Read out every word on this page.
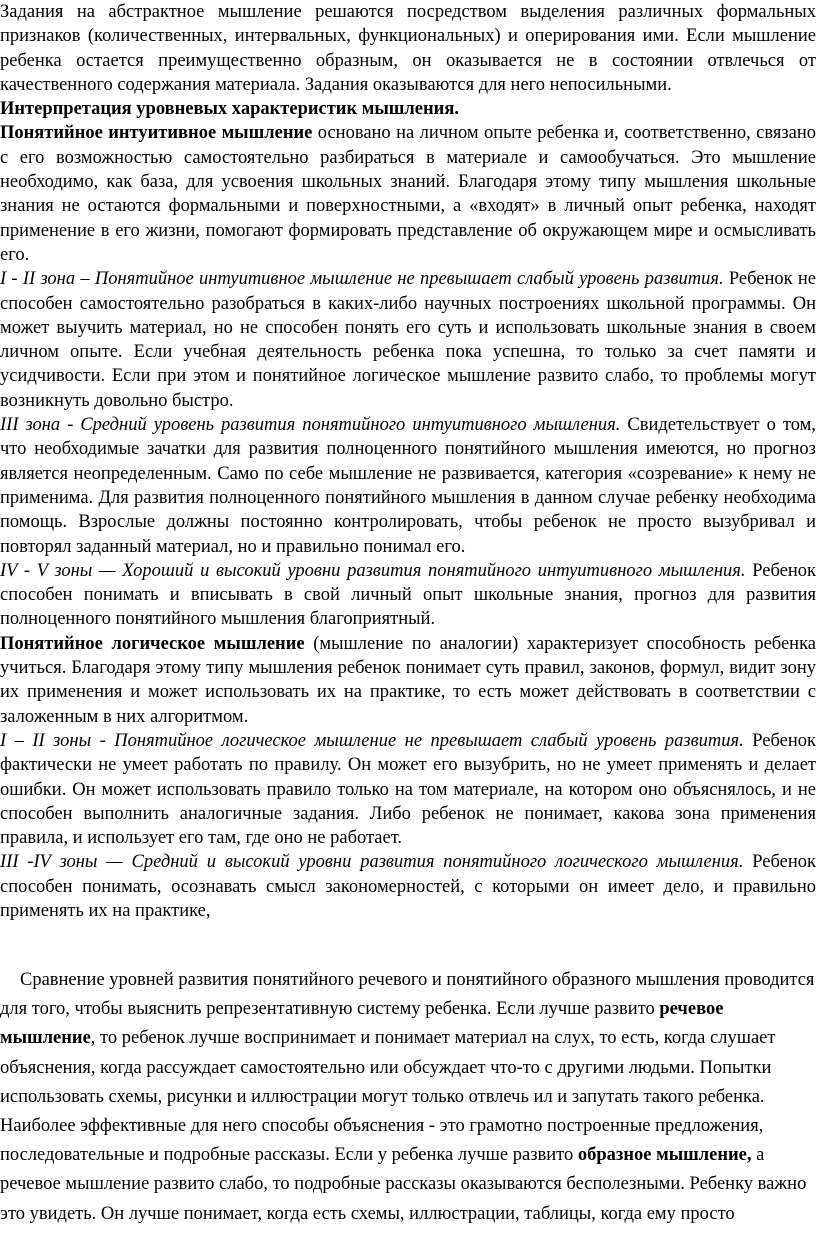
Задания на абстрактное мышление решаются посредством выделения различных формальных признаков (количественных, интервальных, функциональных) и оперирования ими. Если мышление ребенка остается преимущественно образным, он оказывается не в состоянии отвлечься от качественного содержания материала. Задания оказываются для него непосильными.

Интерпретация уровневых характеристик мышления.

Понятийное интуитивное мышление основано на личном опыте ребенка и, соответственно, связано с его возможностью самостоятельно разбираться в материале и самообучаться. Это мышление необходимо, как база, для усвоения школьных знаний. Благодаря этому типу мышления школьные знания не остаются формальными и поверхностными, а «входят» в личный опыт ребенка, находят применение в его жизни, помогают формировать представление об окружающем мире и осмысливать его.

I - II зона – Понятийное интуитивное мышление не превышает слабый уровень развития. Ребенок не способен самостоятельно разобраться в каких-либо научных построениях школьной программы. Он может выучить материал, но не способен понять его суть и использовать школьные знания в своем личном опыте. Если учебная деятельность ребенка пока успешна, то только за счет памяти и усидчивости. Если при этом и понятийное логическое мышление развито слабо, то проблемы могут возникнуть довольно быстро.

III зона - Средний уровень развития понятийного интуитивного мышления. Свидетельствует о том, что необходимые зачатки для развития полноценного понятийного мышления имеются, но прогноз является неопределенным. Само по себе мышление не развивается, категория «созревание» к нему не применима. Для развития полноценного понятийного мышления в данном случае ребенку необходима помощь. Взрослые должны постоянно контролировать, чтобы ребенок не просто вызубривал и повторял заданный материал, но и правильно понимал его.

IV - V зоны — Хороший и высокий уровни развития понятийного интуитивного мышления. Ребенок способен понимать и вписывать в свой личный опыт школьные знания, прогноз для развития полноценного понятийного мышления благоприятный.

Понятийное логическое мышление (мышление по аналогии) характеризует способность ребенка учиться. Благодаря этому типу мышления ребенок понимает суть правил, законов, формул, видит зону их применения и может использовать их на практике, то есть может действовать в соответствии с заложенным в них алгоритмом.

I – II зоны - Понятийное логическое мышление не превышает слабый уровень развития. Ребенок фактически не умеет работать по правилу. Он может его вызубрить, но не умеет применять и делает ошибки. Он может использовать правило только на том материале, на котором оно объяснялось, и не способен выполнить аналогичные задания. Либо ребенок не понимает, какова зона применения правила, и использует его там, где оно не работает.

III -IV зоны — Средний и высокий уровни развития понятийного логического мышления. Ребенок способен понимать, осознавать смысл закономерностей, с которыми он имеет дело, и правильно применять их на практике,

Сравнение уровней развития понятийного речевого и понятийного образного мышления проводится для того, чтобы выяснить репрезентативную систему ребенка. Если лучше развито речевое мышление, то ребенок лучше воспринимает и понимает материал на слух, то есть, когда слушает объяснения, когда рассуждает самостоятельно или обсуждает что-то с другими людьми. Попытки использовать схемы, рисунки и иллюстрации могут только отвлечь ил и запутать такого ребенка. Наиболее эффективные для него способы объяснения - это грамотно построенные предложения, последовательные и подробные рассказы. Если у ребенка лучше развито образное мышление, а речевое мышление развито слабо, то подробные рассказы оказываются бесполезными. Ребенку важно это увидеть. Он лучше понимает, когда есть схемы, иллюстрации, таблицы, когда ему просто
